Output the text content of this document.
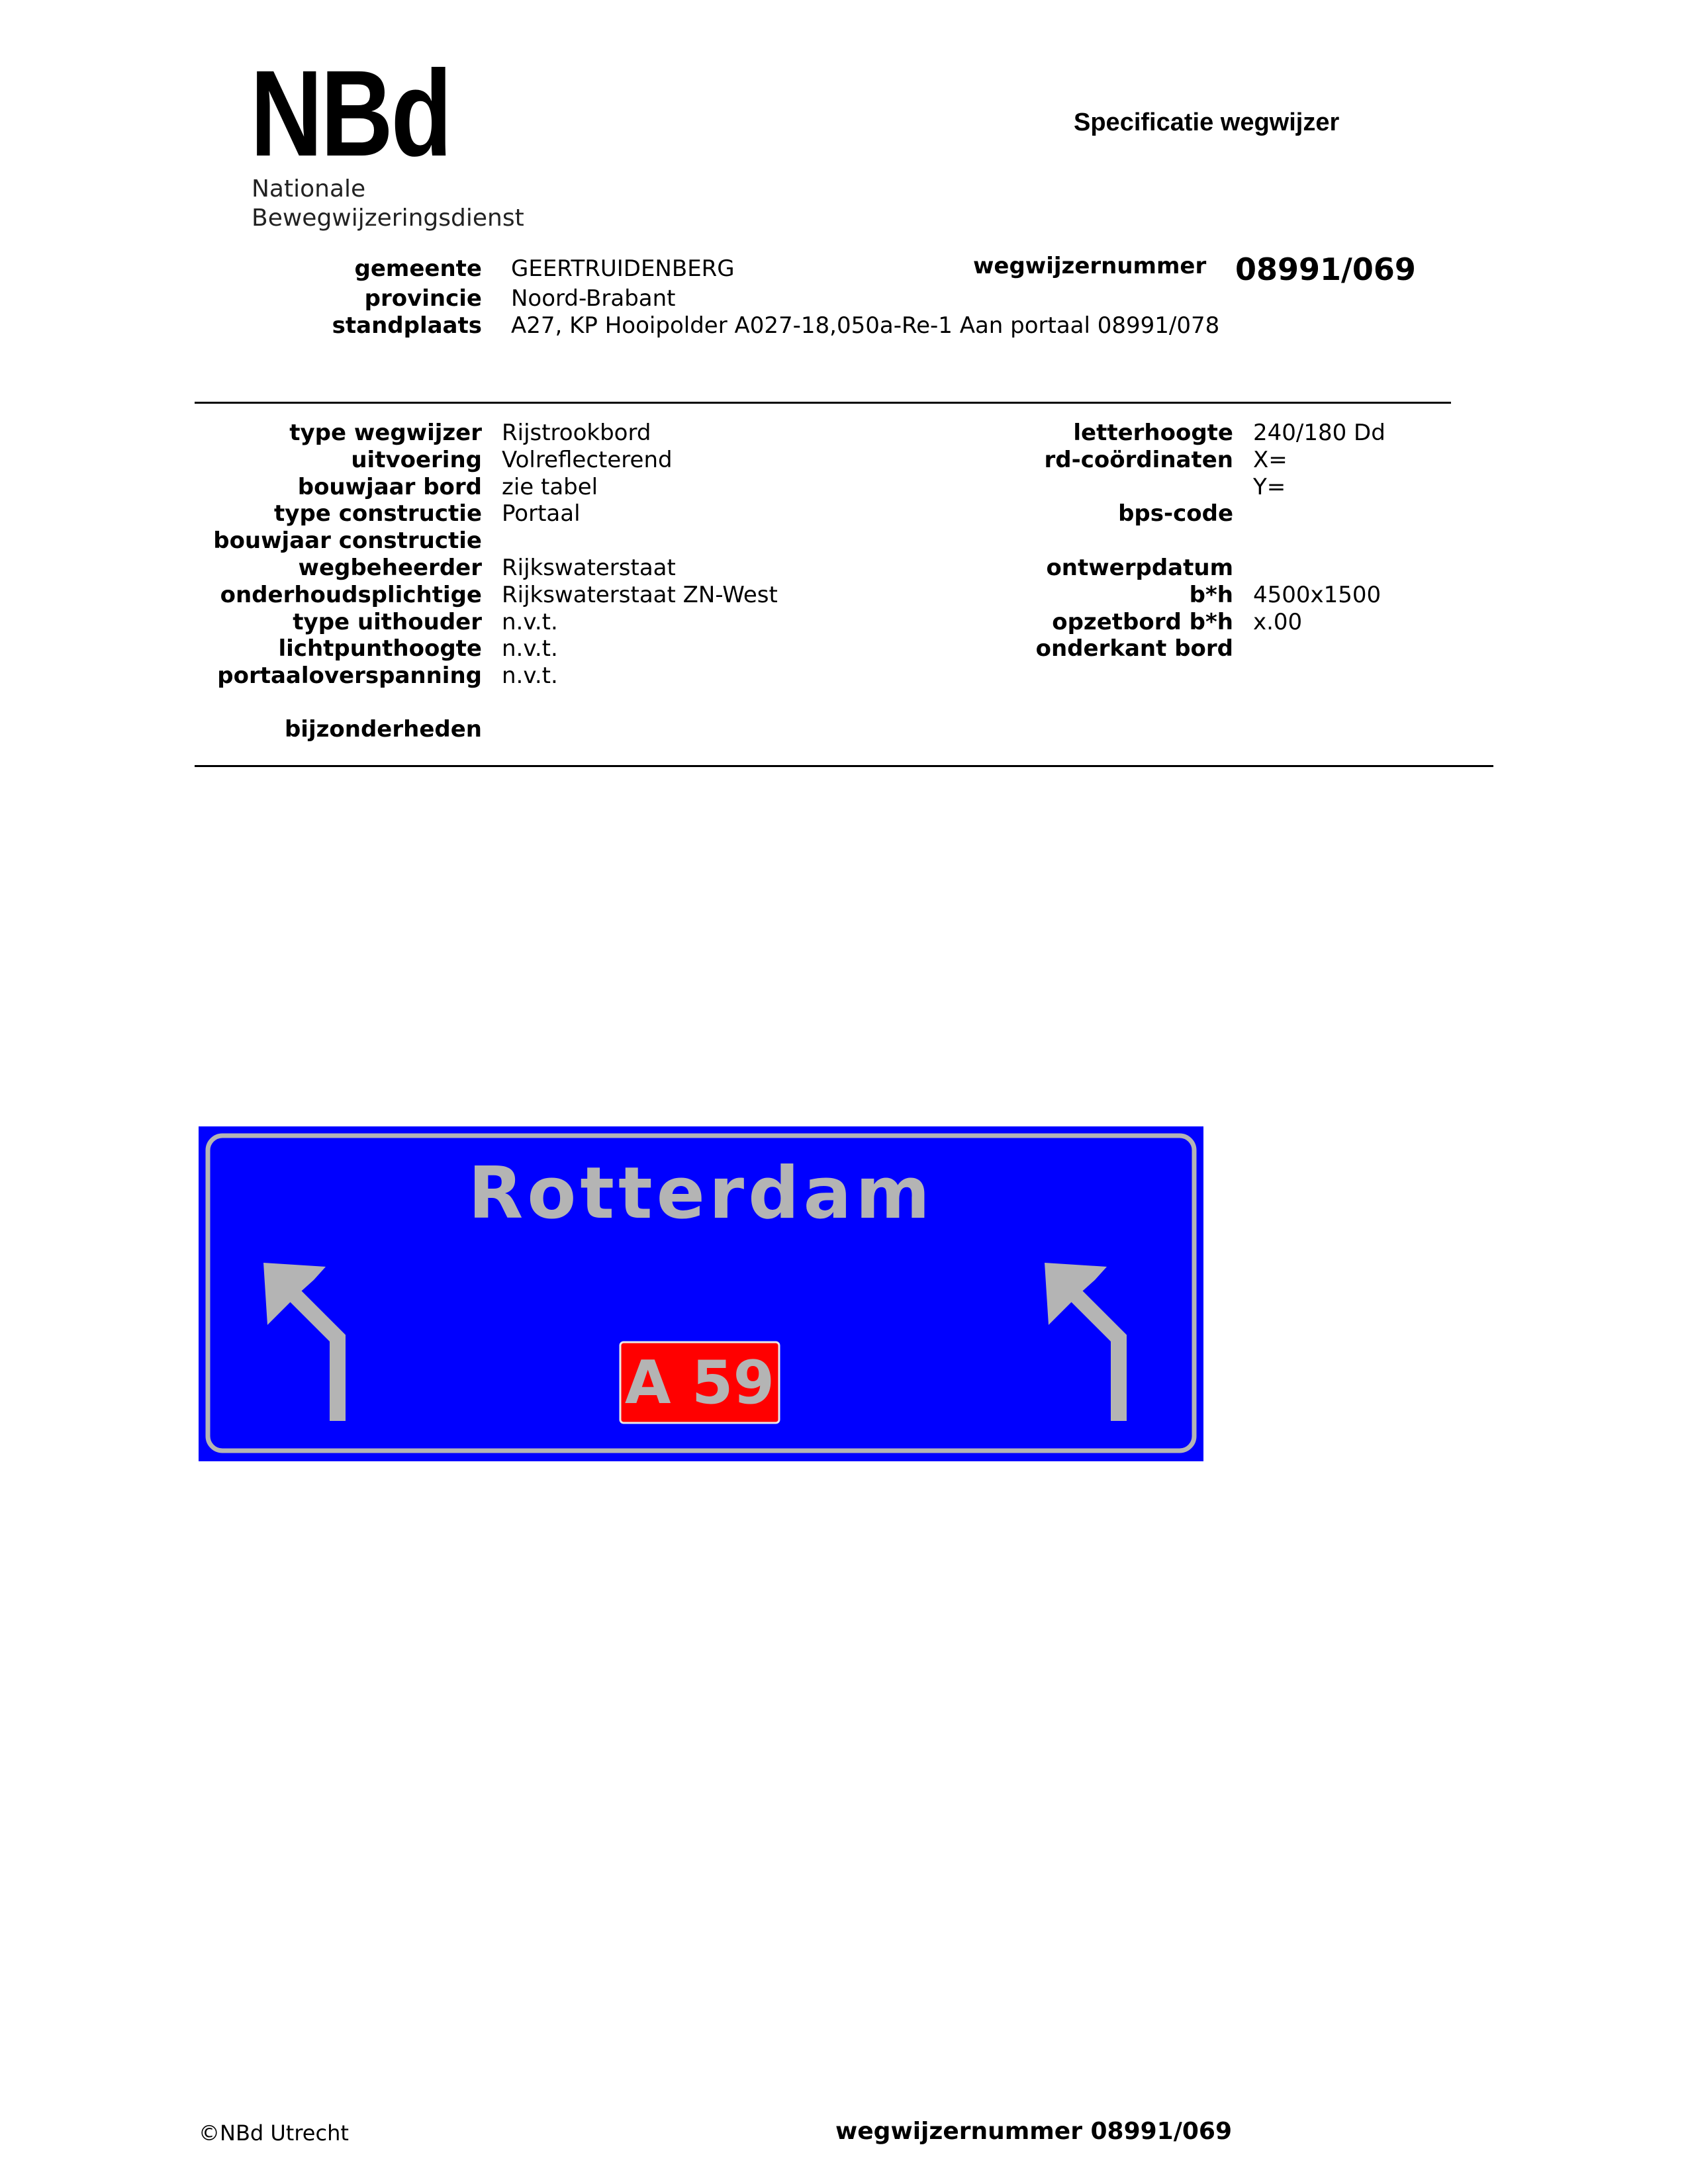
NBd
Nationale
Bewegwijzeringsdienst
Specificatie wegwijzer
gemeente GEERTRUIDENBERG
provincie Noord-Brabant
standplaats A27, KP Hooipolder A027-18,050a-Re-1 Aan portaal 08991/078
wegwijzernummer 08991/069
type wegwijzer Rijstrookbord
uitvoering Volreflecterend
bouwjaar bord zie tabel
type constructie Portaal
bouwjaar constructie
wegbeheerder Rijkswaterstaat
onderhoudsplichtige Rijkswaterstaat ZN-West
type uithouder n.v.t.
lichtpunthoogte n.v.t.
portaaloverspanning n.v.t.
bijzonderheden
letterhoogte 240/180 Dd
rd-coördinaten X=
Y=
bps-code
ontwerpdatum
b*h 4500x1500
opzetbord b*h x.00
onderkant bord
Rotterdam
A 59
©NBd Utrecht	wegwijzernummer 08991/069
